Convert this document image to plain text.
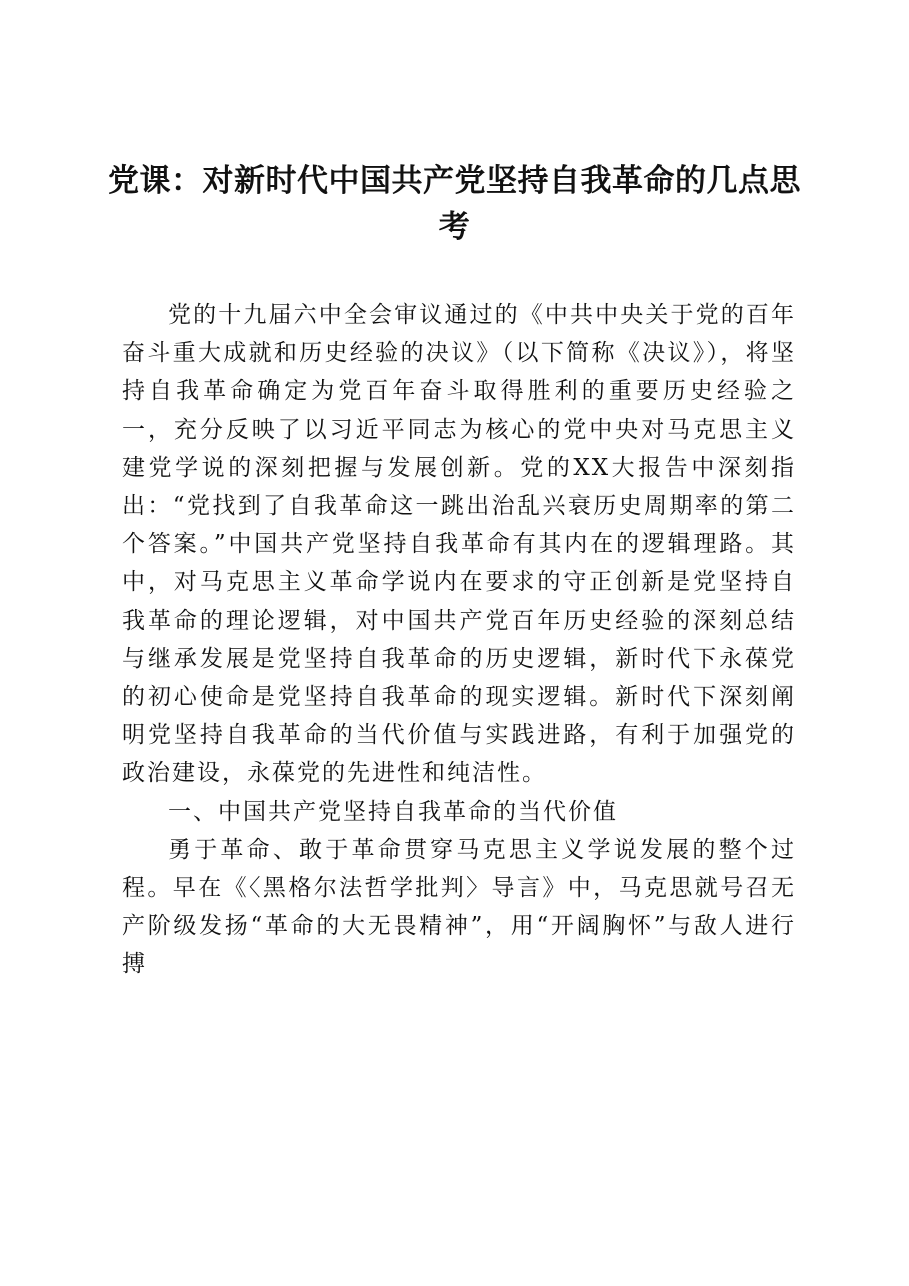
党课：对新时代中国共产党坚持自我革命的几点思考

党的十九届六中全会审议通过的《中共中央关于党的百年奋斗重大成就和历史经验的决议》（以下简称《决议》），将坚持自我革命确定为党百年奋斗取得胜利的重要历史经验之一，充分反映了以习近平同志为核心的党中央对马克思主义建党学说的深刻把握与发展创新。党的XX大报告中深刻指出：“党找到了自我革命这一跳出治乱兴衰历史周期率的第二个答案。”中国共产党坚持自我革命有其内在的逻辑理路。其中，对马克思主义革命学说内在要求的守正创新是党坚持自我革命的理论逻辑，对中国共产党百年历史经验的深刻总结与继承发展是党坚持自我革命的历史逻辑，新时代下永葆党的初心使命是党坚持自我革命的现实逻辑。新时代下深刻阐明党坚持自我革命的当代价值与实践进路，有利于加强党的政治建设，永葆党的先进性和纯洁性。

一、中国共产党坚持自我革命的当代价值

勇于革命、敢于革命贯穿马克思主义学说发展的整个过程。早在《〈黑格尔法哲学批判〉导言》中，马克思就号召无产阶级发扬“革命的大无畏精神”，用“开阔胸怀”与敌人进行搏
